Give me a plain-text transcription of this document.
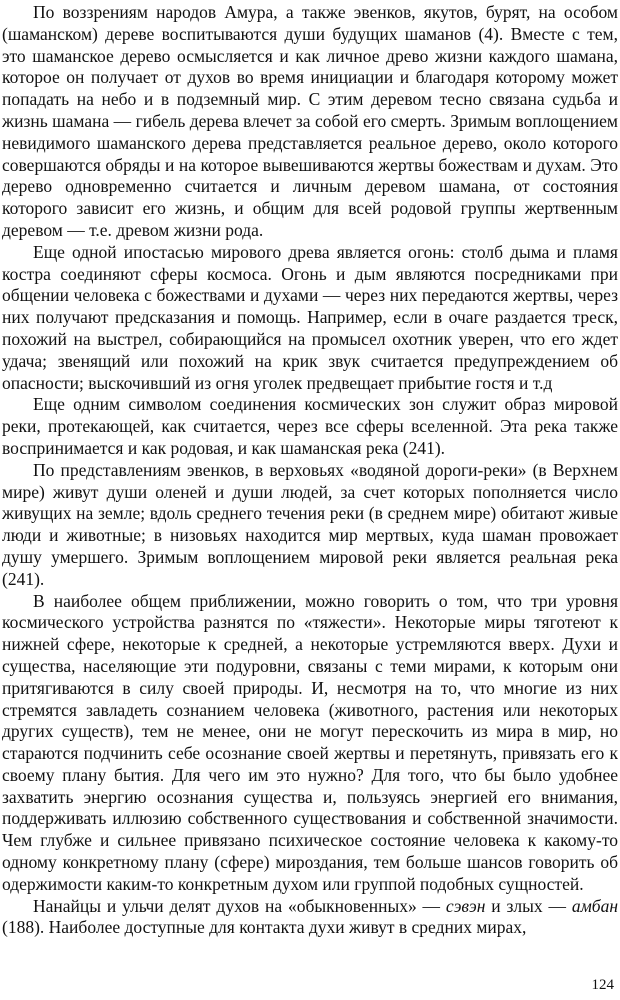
По воззрениям народов Амура, а также эвенков, якутов, бурят, на особом (шаманском) дереве воспитываются души будущих шаманов (4). Вместе с тем, это шаманское дерево осмысляется и как личное древо жизни каждого шамана, которое он получает от духов во время инициации и благодаря которому может попадать на небо и в подземный мир. С этим деревом тесно связана судьба и жизнь шамана — гибель дерева влечет за собой его смерть. Зримым воплощением невидимого шаманского дерева представляется реальное дерево, около которого совершаются обряды и на которое вывешиваются жертвы божествам и духам. Это дерево одновременно считается и личным деревом шамана, от состояния которого зависит его жизнь, и общим для всей родовой группы жертвенным деревом — т.е. древом жизни рода.

Еще одной ипостасью мирового древа является огонь: столб дыма и пламя костра соединяют сферы космоса. Огонь и дым являются посредниками при общении человека с божествами и духами — через них передаются жертвы, через них получают предсказания и помощь. Например, если в очаге раздается треск, похожий на выстрел, собирающийся на промысел охотник уверен, что его ждет удача; звенящий или похожий на крик звук считается предупреждением об опасности; выскочивший из огня уголек предвещает прибытие гостя и т.д

Еще одним символом соединения космических зон служит образ мировой реки, протекающей, как считается, через все сферы вселенной. Эта река также воспринимается и как родовая, и как шаманская река (241).

По представлениям эвенков, в верховьях «водяной дороги-реки» (в Верхнем мире) живут души оленей и души людей, за счет которых пополняется число живущих на земле; вдоль среднего течения реки (в среднем мире) обитают живые люди и животные; в низовьях находится мир мертвых, куда шаман провожает душу умершего. Зримым воплощением мировой реки является реальная река (241).

В наиболее общем приближении, можно говорить о том, что три уровня космического устройства разнятся по «тяжести». Некоторые миры тяготеют к нижней сфере, некоторые к средней, а некоторые устремляются вверх. Духи и существа, населяющие эти подуровни, связаны с теми мирами, к которым они притягиваются в силу своей природы. И, несмотря на то, что многие из них стремятся завладеть сознанием человека (животного, растения или некоторых других существ), тем не менее, они не могут перескочить из мира в мир, но стараются подчинить себе осознание своей жертвы и перетянуть, привязать его к своему плану бытия. Для чего им это нужно? Для того, что бы было удобнее захватить энергию осознания существа и, пользуясь энергией его внимания, поддерживать иллюзию собственного существования и собственной значимости. Чем глубже и сильнее привязано психическое состояние человека к какому-то одному конкретному плану (сфере) мироздания, тем больше шансов говорить об одержимости каким-то конкретным духом или группой подобных сущностей.

Нанайцы и ульчи делят духов на «обыкновенных» — сэвэн и злых — амбан (188). Наиболее доступные для контакта духи живут в средних мирах,

124
